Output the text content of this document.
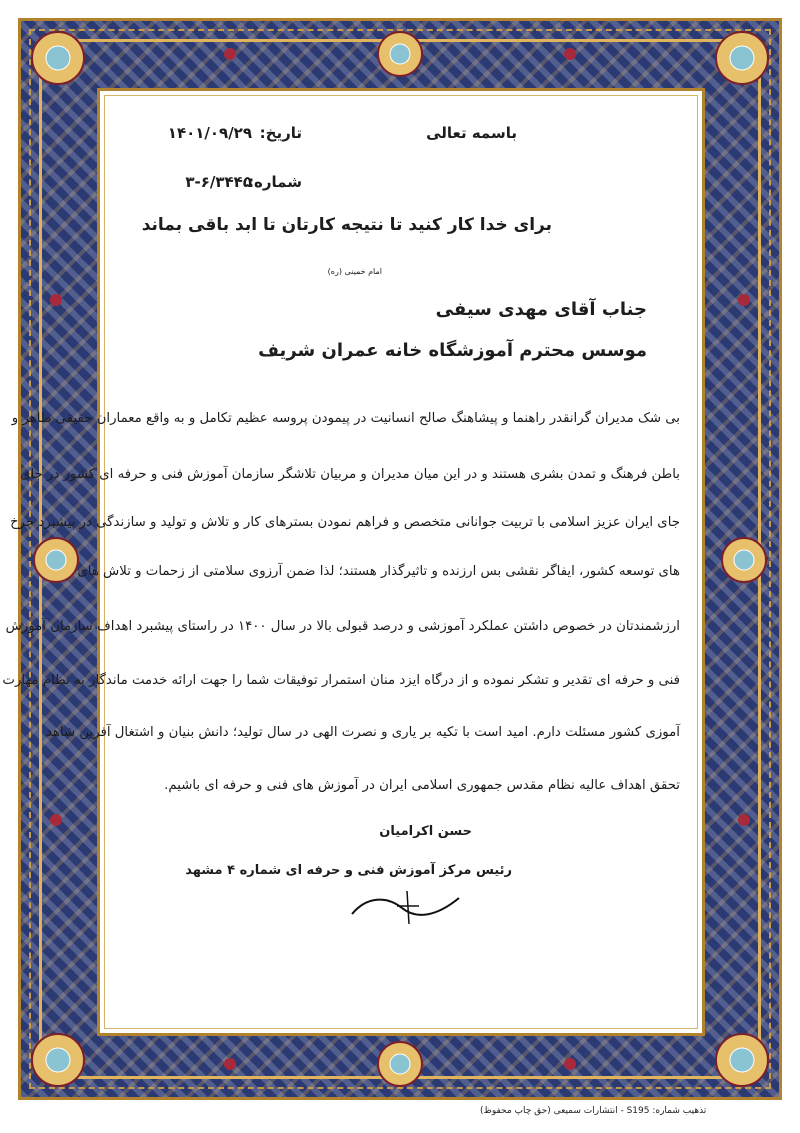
باسمه تعالی
تاریخ:
۱۴۰۱/۰۹/۲۹
شماره:
۳-۶/۳۴۴۵
برای خدا کار کنید تا نتیجه کارتان تا ابد باقی بماند
امام خمینی (ره)
جناب آقای مهدی سیفی
موسس محترم آموزشگاه خانه عمران شریف
بی شک مدیران گرانقدر راهنما و پیشاهنگ صالح انسانیت در پیمودن پروسه عظیم تکامل و به واقع معماران حقیقی ظاهر و
باطن فرهنگ و تمدن بشری هستند و در این میان مدیران و مربیان تلاشگر سازمان آموزش فنی و حرفه ای کشور در جای
جای ایران عزیز اسلامی با تربیت جوانانی متخصص و فراهم نمودن بسترهای کار و تلاش و تولید و سازندگی در پیشبرد چرخ
های توسعه کشور، ایفاگر نقشی بس ارزنده و تاثیرگذار هستند؛ لذا ضمن آرزوی سلامتی از زحمات و تلاش های
ارزشمندتان در خصوص داشتن عملکرد آموزشی و درصد قبولی بالا در سال ۱۴۰۰ در راستای پیشبرد اهداف سازمان آموزش
فنی و حرفه ای تقدیر و تشکر نموده و از درگاه ایزد منان استمرار توفیقات شما را جهت ارائه خدمت ماندگار به نظام مهارت
آموزی کشور مسئلت دارم. امید است با تکیه بر یاری و نصرت الهی در سال تولید؛ دانش بنیان و اشتغال آفرین شاهد
تحقق اهداف عالیه نظام مقدس جمهوری اسلامی ایران در آموزش های فنی و حرفه ای باشیم.
حسن اکرامیان
رئیس مرکز آموزش فنی و حرفه ای شماره ۴ مشهد
تذهیب شماره: S195 - انتشارات سمیعی (حق چاپ محفوظ)
